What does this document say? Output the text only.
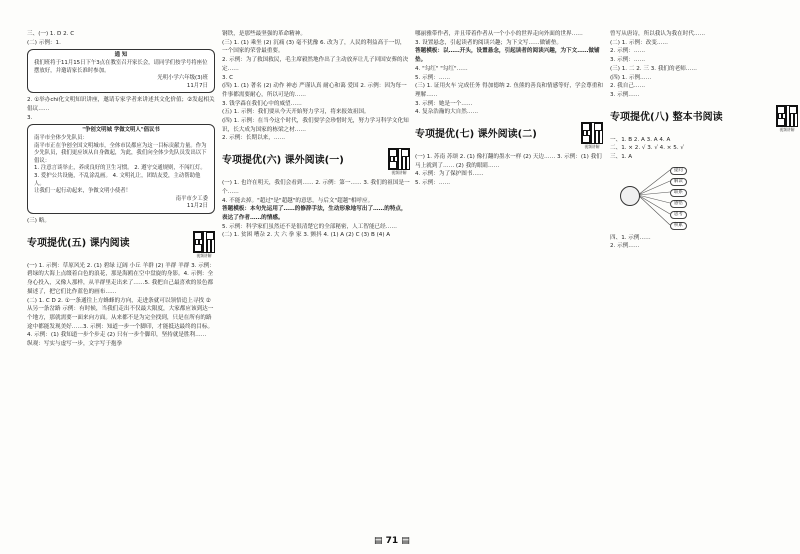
三、(一) 1. D 2. C

(二) 示例：1.

通 知
我们班将于11月15日下午3点在教室召开家长会，请同学们按学号将座位摆放好，并邀请家长准时参加。
光明小学六年级(3)班
11月7日

2. ①举办chi化文明知识讲座，邀请专家学者来讲述其文化价值；②发起相关倡议……

3.

"争创文明城 学做文明人"倡议书
南平市全体少先队员：
南平市正在争创全国文明城市，全体市民都应为这一目标贡献力量。作为少先队员，我们更应该从自身做起，为此，我们向全体少先队员发出以下倡议：
1. 注意言谈举止，养成良好的卫生习惯。 2. 遵守交通规则，不闯红灯。 3. 爱护公共设施，不乱涂乱画。 4. 文明礼让，团结友爱，主动帮助他人。
让我们一起行动起来，争做文明小使者！
南平市少工委
11月2日

(三) 略。

专项提优(五) 课内阅读
视频讲解

(一) 1. 示例：草原风光 2. (1) 碧绿 辽阔 小丘 羊群 (2) 羊群 羊群 3. 示例：碧绿的大海上点缀着白色的浪花，那是海鸥在空中盘旋的身影。4. 示例：全身心投入，又像人那样，从羊群里走出来了……5. 我把自己最喜欢的景色都描述了，把它们比作蓝色的画布……

(二) 1. C D 2. ①一条通往上方蜂蜂的方向，走进条就可以领悟追上寻找 ②从另一条岔路 示例：有时候，当我们走出不仅最大限度，大家都应该到达一个地方，那就需要一面来向方面。从来都不是为完全找到，只是在所有的路途中都能发现美好……3. 示例：知道一步一个脚印，才能抵达最终的目标。4. 示例：(1) 我知道一步个步走 (2) 只有一步个脚印，坚持就是胜利……

纵观：写实与虚写一步，文字写于抱拳

钢铁，是那些最坚强的革命精神。

(三) 1. (1) 乘坐 (2) 沉痛 (3) 毫不犹豫 6. 改为了，人民的利益高于一切，一个国家的荣誉最重要。

2. 示例：为了救国救民，毛主席毅然地作出了主动放弃让儿子回国安葬的决定……

3. C

(四) 1. (1) 著名 (2) 动作 神态 严谨认真 耐心和蔼 爱国 2. 示例：因为每一件事都需要耐心，所以可是的……

3. 钱学森在我们心中的威望……

(五) 1. 示例：我们要从今天开始努力学习，将来报效祖国。

(四) 1. 示例：在当今这个时代，我们要学会珍惜时光，努力学习科学文化知识，长大成为国家的栋梁之材……

2. 示例：长期以来，……

专项提优(六) 课外阅读(一)
视频讲解

(一) 1. 也许在明天，我们会看到…… 2. 示例：第一…… 3. 我们的祖国是一个……

4. 不能去掉。"超过"是"超越"的意思，与后文"超越"相呼应。

答题模板：本句先运用了……的修辞手法，生动形象地写出了……的特点，表达了作者……的情感。

5. 示例：科学家们虽然还不是很清楚它的全部秘密，人工智能已经……

(二) 1. 贫困 嘈杂 2. 大 六 拳 家 3. 颤抖 4. (1) A (2) C (3) B (4) A

哪丽雅带作者，并且带着作者从一个小小的世界走向外面的世界……

3. 设置悬念，引起读者的阅读兴趣；为下文写……做铺垫。

答题模板：以……开头，设置悬念，引起读者的阅读兴趣，为下文……做铺垫。

4. "勾红" "勾红"……

5. 示例：……

(三) 1. 证用火车 完成任务 得加德纳 2. 鱼熊的善良和情感等好，学会尊重和理解……

3. 示例：她是一个……

4. 复杂浩瀚的大自然……

专项提优(七) 课外阅读(二)
视频讲解

(一) 1. 苏南 苏颂 2. (1) 像打翻的墨水一样 (2) 天边…… 3. 示例：(1) 我们马上就到了…… (2) 我的眼睛……

4. 示例：为了保护图书……

5. 示例：……

曾写从唐诗，所以我认为我在时代……

(二) 1. 示例：改变……

2. 示例：……

3. 示例：……

(三) 1. 二 2. 三 3. 我们的老师……

(四) 1. 示例……

2. 我自己……

3. 示例……

专项提优(八) 整本书阅读
视频讲解

一、1. B 2. A 3. A 4. A

二、1. × 2. √ 3. √ 4. × 5. √

三、1. A

提问
解读
联系
感悟
思考
积累

四、1. 示例……

2. 示例……

▤ 71 ▤
